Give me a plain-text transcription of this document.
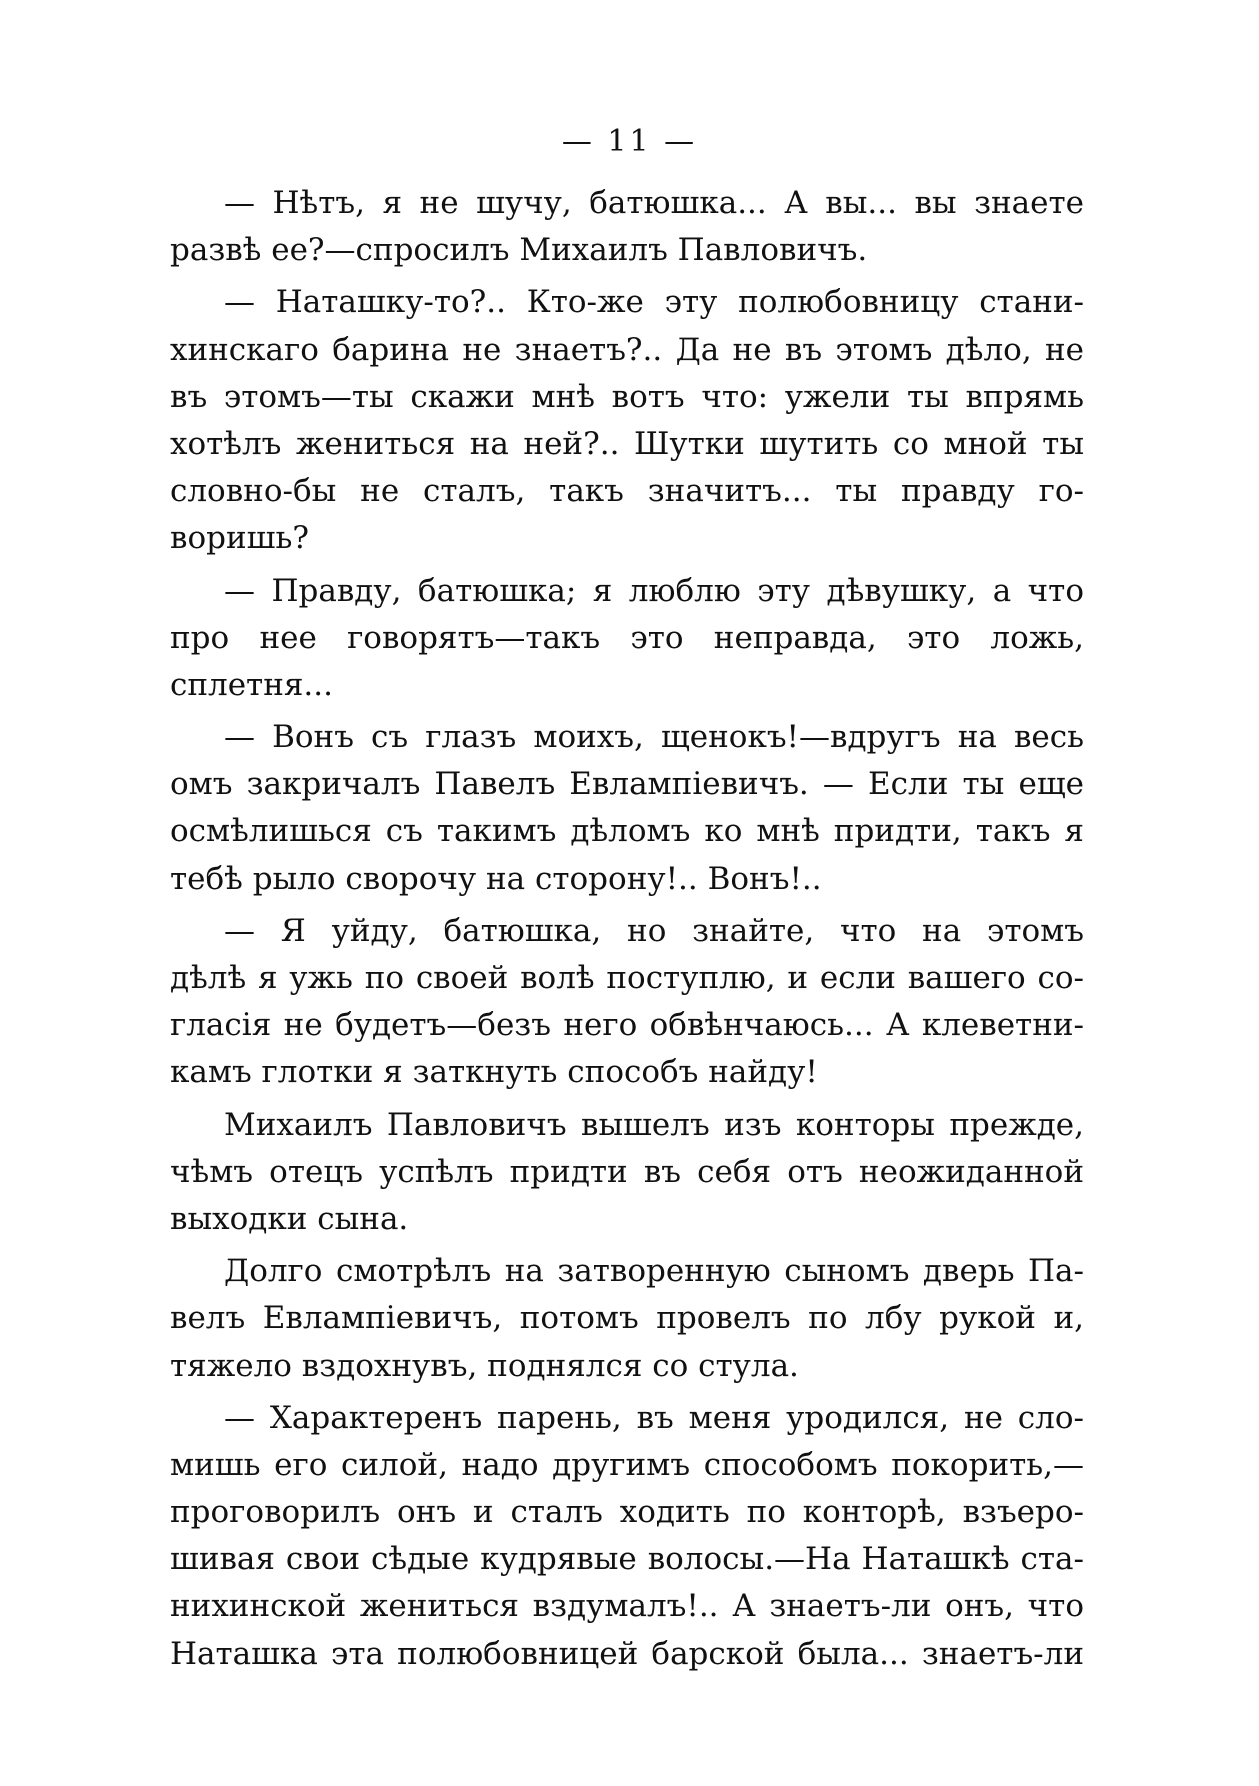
— 11 —
— Нѣтъ, я не шучу, батюшка... А вы... вы знаете
развѣ ее?—спросилъ Михаилъ Павловичъ.
— Наташку-то?.. Кто-же эту полюбовницу стани-
хинскаго барина не знаетъ?.. Да не въ этомъ дѣло, не
въ этомъ—ты скажи мнѣ вотъ что: ужели ты впрямь
хотѣлъ жениться на ней?.. Шутки шутить со мной ты
словно-бы не сталъ, такъ значитъ... ты правду го-
воришь?
— Правду, батюшка; я люблю эту дѣвушку, а что
про нее говорятъ—такъ это неправда, это ложь,
сплетня...
— Вонъ съ глазъ моихъ, щенокъ!—вдругъ на весь
омъ закричалъ Павелъ Евлампіевичъ. — Если ты еще
осмѣлишься съ такимъ дѣломъ ко мнѣ придти, такъ я
тебѣ рыло сворочу на сторону!.. Вонъ!..
— Я уйду, батюшка, но знайте, что на этомъ
дѣлѣ я ужь по своей волѣ поступлю, и если вашего со-
гласія не будетъ—безъ него обвѣнчаюсь... А клеветни-
камъ глотки я заткнуть способъ найду!
Михаилъ Павловичъ вышелъ изъ конторы прежде,
чѣмъ отецъ успѣлъ придти въ себя отъ неожиданной
выходки сына.
Долго смотрѣлъ на затворенную сыномъ дверь Па-
велъ Евлампіевичъ, потомъ провелъ по лбу рукой и,
тяжело вздохнувъ, поднялся со стула.
— Характеренъ парень, въ меня уродился, не сло-
мишь его силой, надо другимъ способомъ покорить,—
проговорилъ онъ и сталъ ходить по конторѣ, взъеро-
шивая свои сѣдые кудрявые волосы.—На Наташкѣ ста-
нихинской жениться вздумалъ!.. А знаетъ-ли онъ, что
Наташка эта полюбовницей барской была... знаетъ-ли
